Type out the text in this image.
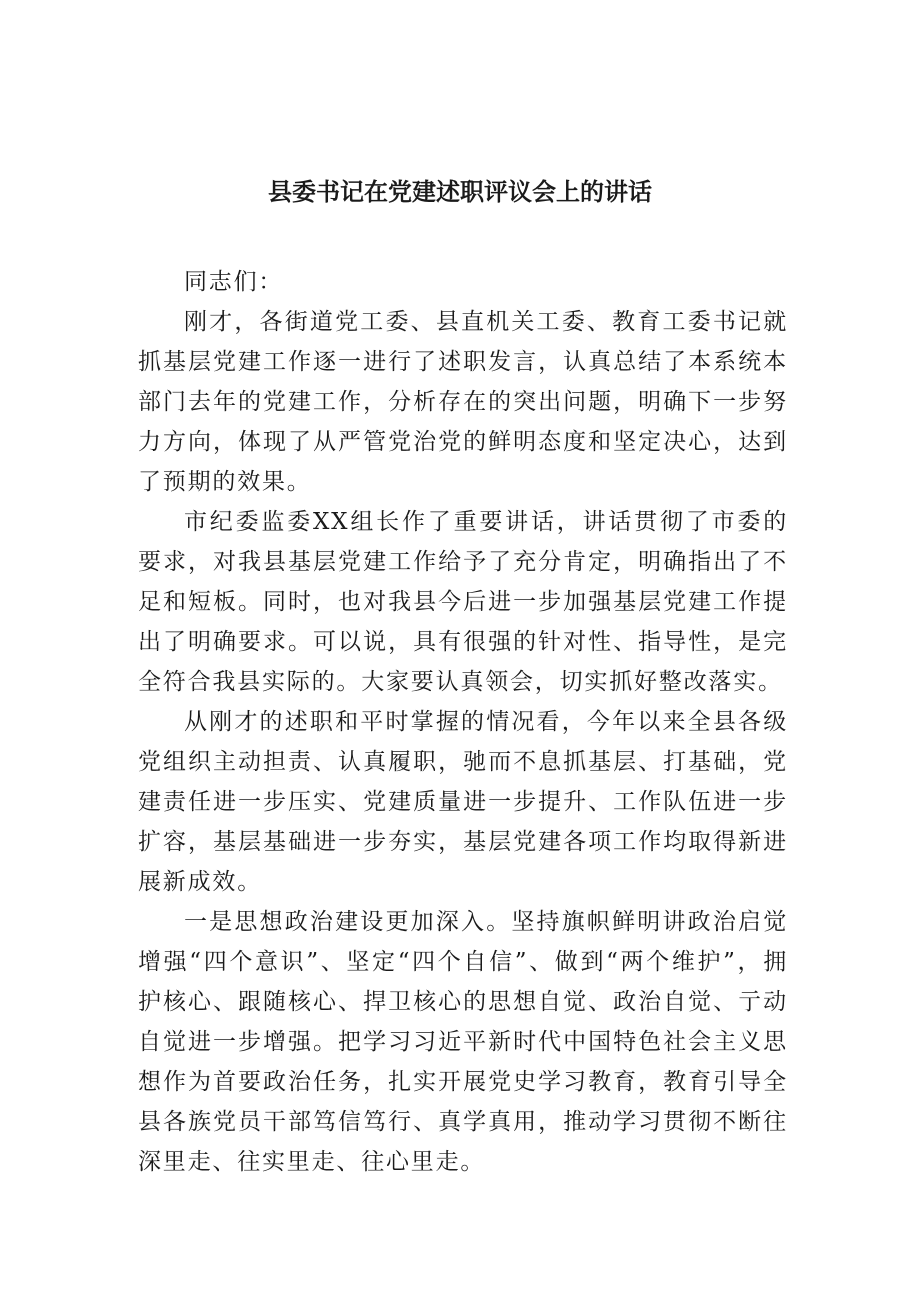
县委书记在党建述职评议会上的讲话

同志们：

刚才，各街道党工委、县直机关工委、教育工委书记就抓基层党建工作逐一进行了述职发言，认真总结了本系统本部门去年的党建工作，分析存在的突出问题，明确下一步努力方向，体现了从严管党治党的鲜明态度和坚定决心，达到了预期的效果。

市纪委监委XX组长作了重要讲话，讲话贯彻了市委的要求，对我县基层党建工作给予了充分肯定，明确指出了不足和短板。同时，也对我县今后进一步加强基层党建工作提出了明确要求。可以说，具有很强的针对性、指导性，是完全符合我县实际的。大家要认真领会，切实抓好整改落实。

从刚才的述职和平时掌握的情况看，今年以来全县各级党组织主动担责、认真履职，驰而不息抓基层、打基础，党建责任进一步压实、党建质量进一步提升、工作队伍进一步扩容，基层基础进一步夯实，基层党建各项工作均取得新进展新成效。

一是思想政治建设更加深入。坚持旗帜鲜明讲政治启觉增强“四个意识”、坚定“四个自信”、做到“两个维护”，拥护核心、跟随核心、捍卫核心的思想自觉、政治自觉、亍动自觉进一步增强。把学习习近平新时代中国特色社会主义思想作为首要政治任务，扎实开展党史学习教育，教育引导全县各族党员干部笃信笃行、真学真用，推动学习贯彻不断往深里走、往实里走、往心里走。
